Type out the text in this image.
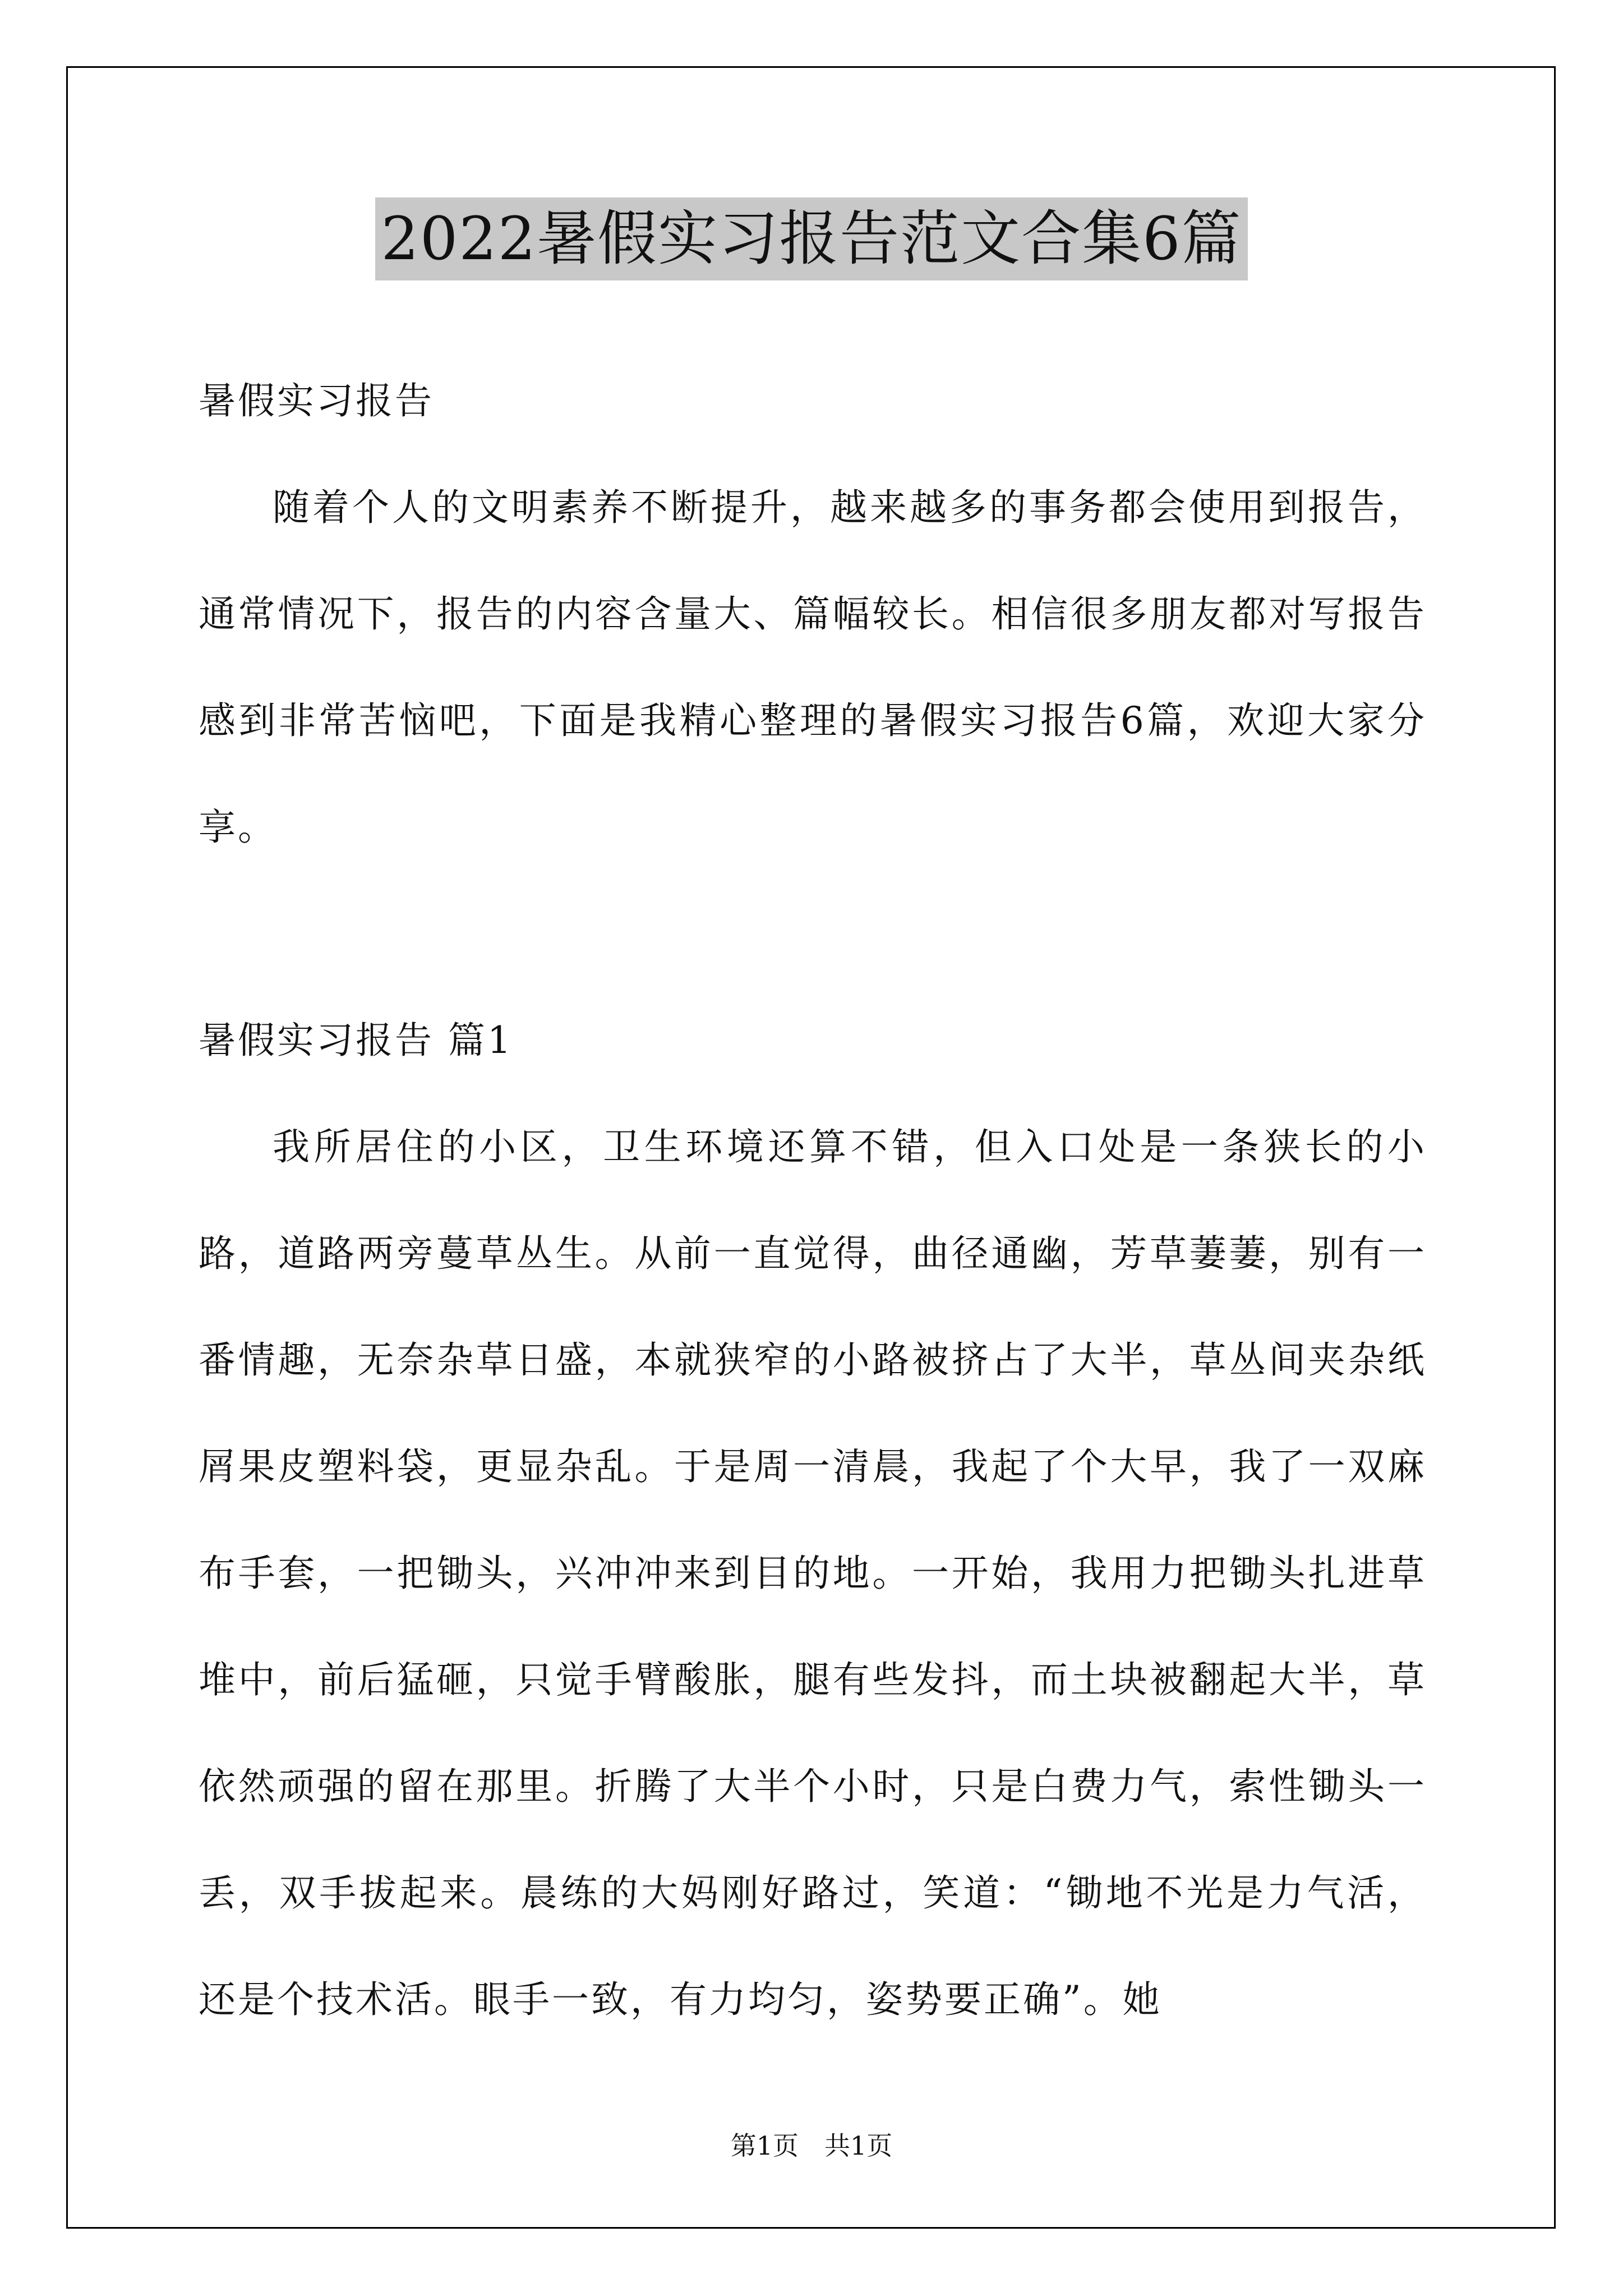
2022暑假实习报告范文合集6篇

暑假实习报告

随着个人的文明素养不断提升，越来越多的事务都会使用到报告，通常情况下，报告的内容含量大、篇幅较长。相信很多朋友都对写报告感到非常苦恼吧，下面是我精心整理的暑假实习报告6篇，欢迎大家分享。

暑假实习报告 篇1

我所居住的小区，卫生环境还算不错，但入口处是一条狭长的小路，道路两旁蔓草丛生。从前一直觉得，曲径通幽，芳草萋萋，别有一番情趣，无奈杂草日盛，本就狭窄的小路被挤占了大半，草丛间夹杂纸屑果皮塑料袋，更显杂乱。于是周一清晨，我起了个大早，我了一双麻布手套，一把锄头，兴冲冲来到目的地。一开始，我用力把锄头扎进草堆中，前后猛砸，只觉手臂酸胀，腿有些发抖，而土块被翻起大半，草依然顽强的留在那里。折腾了大半个小时，只是白费力气，索性锄头一丢，双手拔起来。晨练的大妈刚好路过，笑道：“锄地不光是力气活，还是个技术活。眼手一致，有力均匀，姿势要正确”。她

第1页　共1页
